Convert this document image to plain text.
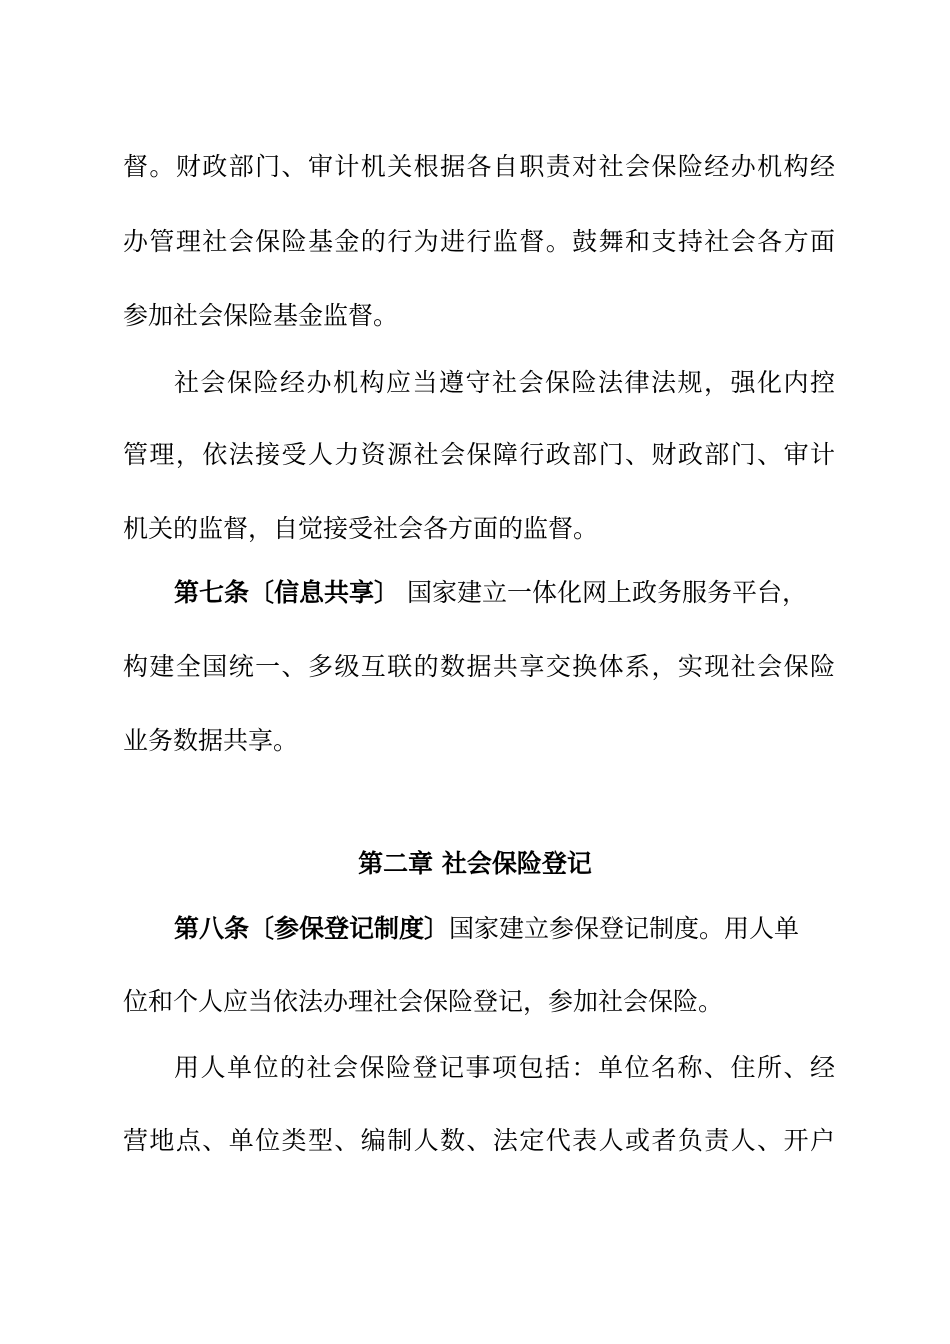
督。财政部门、审计机关根据各自职责对社会保险经办机构经
办管理社会保险基金的行为进行监督。鼓舞和支持社会各方面
参加社会保险基金监督。
社会保险经办机构应当遵守社会保险法律法规，强化内控
管理，依法接受人力资源社会保障行政部门、财政部门、审计
机关的监督，自觉接受社会各方面的监督。
第七条〔信息共享〕 国家建立一体化网上政务服务平台，
构建全国统一、多级互联的数据共享交换体系，实现社会保险
业务数据共享。
第二章 社会保险登记
第八条〔参保登记制度〕国家建立参保登记制度。用人单
位和个人应当依法办理社会保险登记，参加社会保险。
用人单位的社会保险登记事项包括：单位名称、住所、经
营地点、单位类型、编制人数、法定代表人或者负责人、开户
